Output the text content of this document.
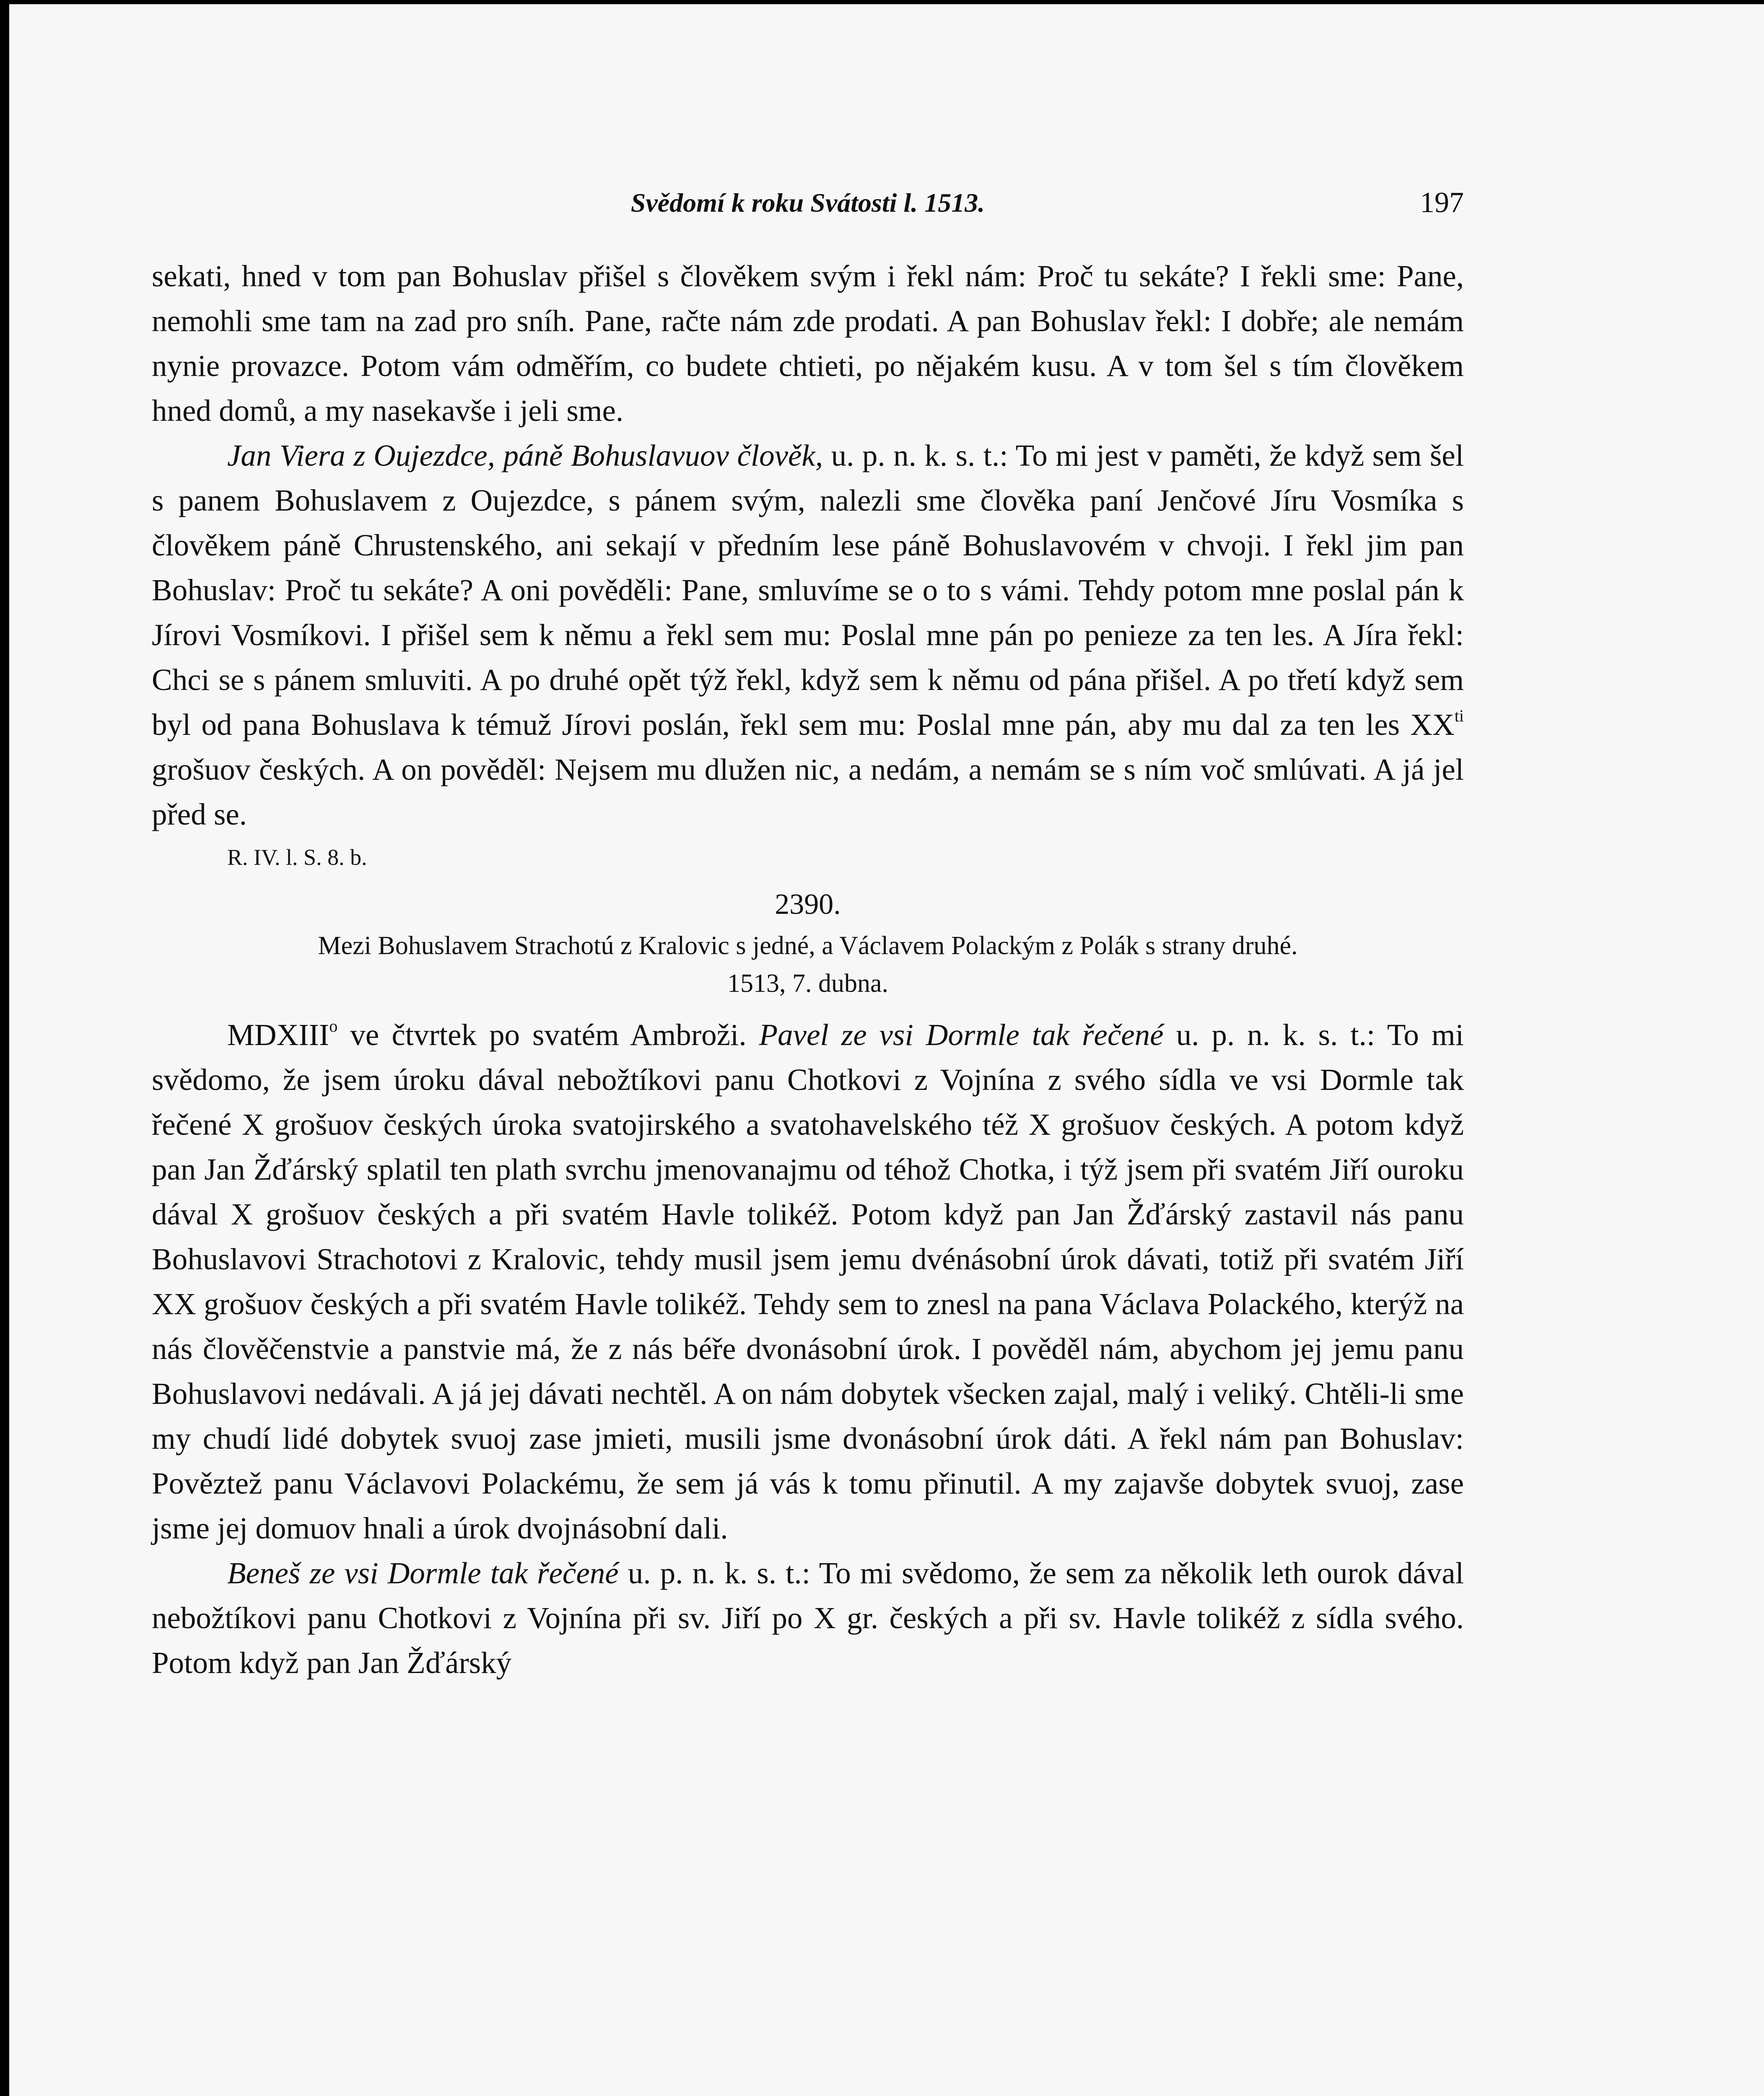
Svědomí k roku Svátosti l. 1513.	197

sekati, hned v tom pan Bohuslav přišel s člověkem svým i řekl nám: Proč tu sekáte? I řekli sme: Pane, nemohli sme tam na zad pro sníh. Pane, račte nám zde prodati. A pan Bohuslav řekl: I dobře; ale nemám nynie provazce. Potom vám odměřím, co budete chtieti, po nějakém kusu. A v tom šel s tím člověkem hned domů, a my nasekavše i jeli sme.

Jan Viera z Oujezdce, páně Bohuslavuov člověk, u. p. n. k. s. t.: To mi jest v paměti, že když sem šel s panem Bohuslavem z Oujezdce, s pánem svým, nalezli sme člověka paní Jenčové Jíru Vosmíka s člověkem páně Chrustenského, ani sekají v předním lese páně Bohuslavovém v chvoji. I řekl jim pan Bohuslav: Proč tu sekáte? A oni pověděli: Pane, smluvíme se o to s vámi. Tehdy potom mne poslal pán k Jírovi Vosmíkovi. I přišel sem k němu a řekl sem mu: Poslal mne pán po penieze za ten les. A Jíra řekl: Chci se s pánem smluviti. A po druhé opět týž řekl, když sem k němu od pána přišel. A po třetí když sem byl od pana Bohuslava k témuž Jírovi poslán, řekl sem mu: Poslal mne pán, aby mu dal za ten les $XX^{ti}$ grošuov českých. A on pověděl: Nejsem mu dlužen nic, a nedám, a nemám se s ním voč smlúvati. A já jel před se.

R. IV. l. S. 8. b.

2390.

Mezi Bohuslavem Strachotú z Kralovic s jedné, a Václavem Polackým z Polák s strany druhé.

1513, 7. dubna.

MDXIII$^o$ ve čtvrtek po svatém Ambroži. Pavel ze vsi Dormle tak řečené u. p. n. k. s. t.: To mi svědomo, že jsem úroku dával nebožtíkovi panu Chotkovi z Vojnína z svého sídla ve vsi Dormle tak řečené X grošuov českých úroka svatojirského a svatohavelského též X grošuov českých. A potom když pan Jan Žďárský splatil ten plath svrchu jmenovanajmu od téhož Chotka, i týž jsem při svatém Jiří ouroku dával X grošuov českých a při svatém Havle tolikéž. Potom když pan Jan Žďárský zastavil nás panu Bohuslavovi Strachotovi z Kralovic, tehdy musil jsem jemu dvénásobní úrok dávati, totiž při svatém Jiří XX grošuov českých a při svatém Havle tolikéž. Tehdy sem to znesl na pana Václava Polackého, kterýž na nás člověčenstvie a panstvie má, že z nás béře dvonásobní úrok. I pověděl nám, abychom jej jemu panu Bohuslavovi nedávali. A já jej dávati nechtěl. A on nám dobytek všecken zajal, malý i veliký. Chtěli-li sme my chudí lidé dobytek svuoj zase jmieti, musili jsme dvonásobní úrok dáti. A řekl nám pan Bohuslav: Pověztež panu Václavovi Polackému, že sem já vás k tomu přinutil. A my zajavše dobytek svuoj, zase jsme jej domuov hnali a úrok dvojnásobní dali.

Beneš ze vsi Dormle tak řečené u. p. n. k. s. t.: To mi svědomo, že sem za několik leth ourok dával nebožtíkovi panu Chotkovi z Vojnína při sv. Jiří po X gr. českých a při sv. Havle tolikéž z sídla svého. Potom když pan Jan Žďárský
